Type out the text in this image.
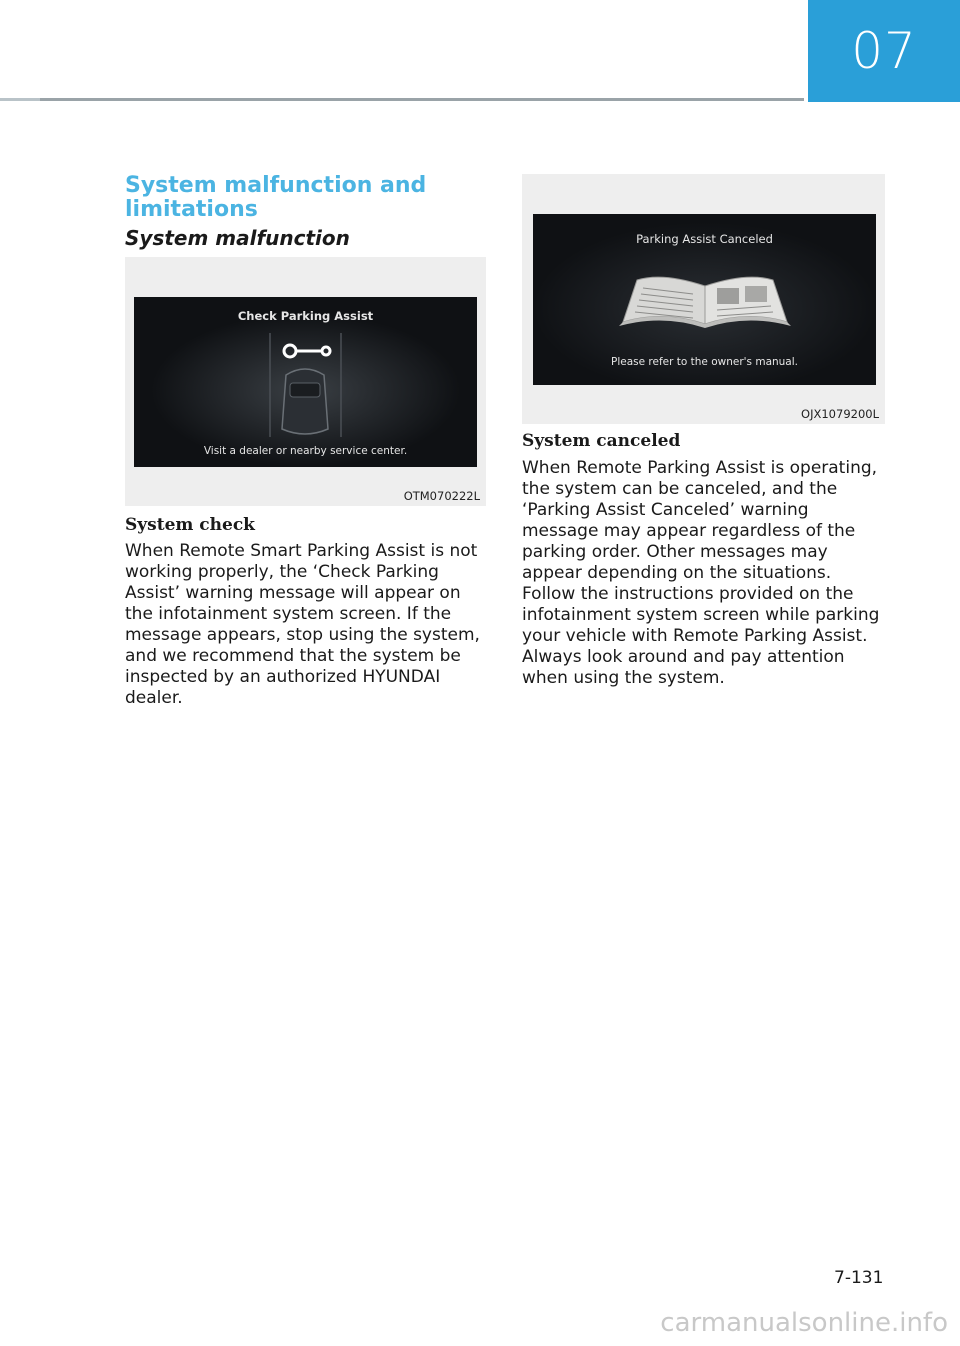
07
System malfunction and limitations
System malfunction
Check Parking Assist
Visit a dealer or nearby service center.
OTM070222L
Parking Assist Canceled
Please refer to the owner's manual.
OJX1079200L
System check

When Remote Smart Parking Assist is not working properly, the ‘Check Parking Assist’ warning message will appear on the infotainment system screen. If the message appears, stop using the system, and we recommend that the system be inspected by an authorized HYUNDAI dealer.

System canceled

When Remote Parking Assist is operating, the system can be canceled, and the ‘Parking Assist Canceled’ warning message may appear regardless of the parking order. Other messages may appear depending on the situations. Follow the instructions provided on the infotainment system screen while parking your vehicle with Remote Parking Assist. Always look around and pay attention when using the system.

7-131
carmanualsonline.info
